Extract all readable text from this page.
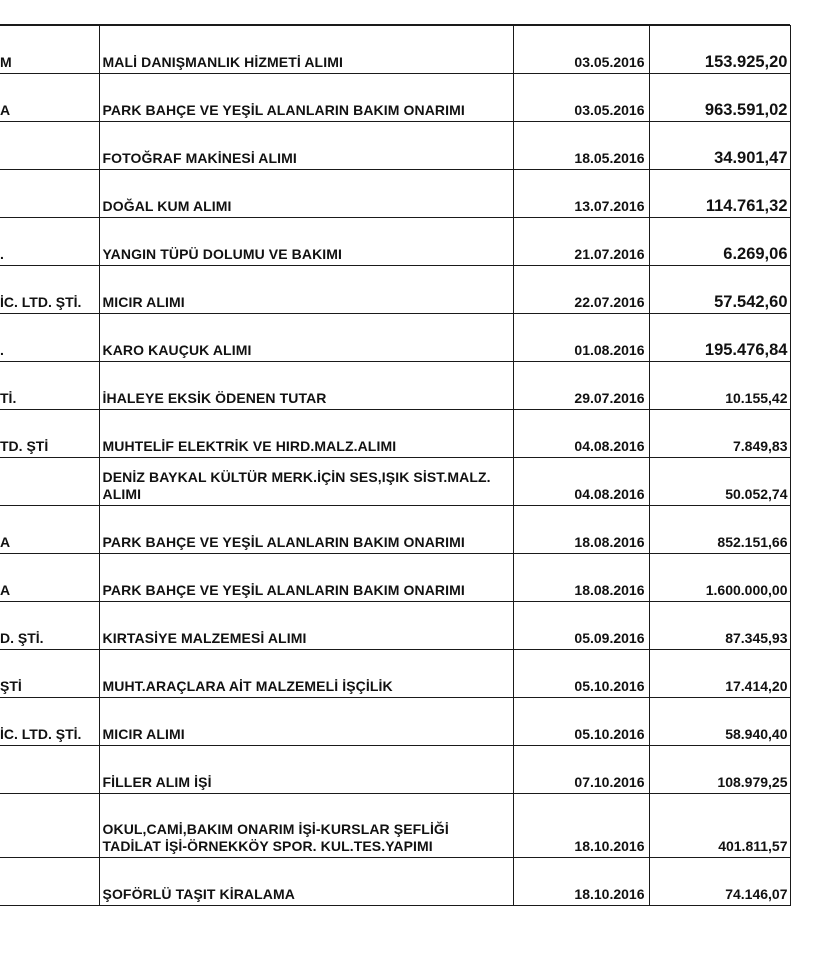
M	MALİ DANIŞMANLIK HİZMETİ ALIMI	03.05.2016	153.925,20
A	PARK BAHÇE VE YEŞİL ALANLARIN BAKIM ONARIMI	03.05.2016	963.591,02
	FOTOĞRAF MAKİNESİ ALIMI	18.05.2016	34.901,47
	DOĞAL KUM ALIMI	13.07.2016	114.761,32
.	YANGIN TÜPÜ DOLUMU VE BAKIMI	21.07.2016	6.269,06
İC. LTD. ŞTİ.	MICIR ALIMI	22.07.2016	57.542,60
.	KARO KAUÇUK ALIMI	01.08.2016	195.476,84
Tİ.	İHALEYE EKSİK ÖDENEN TUTAR	29.07.2016	10.155,42
TD. ŞTİ	MUHTELİF ELEKTRİK VE HIRD.MALZ.ALIMI	04.08.2016	7.849,83
	DENİZ BAYKAL KÜLTÜR MERK.İÇİN SES,IŞIK SİST.MALZ. ALIMI	04.08.2016	50.052,74
A	PARK BAHÇE VE YEŞİL ALANLARIN BAKIM ONARIMI	18.08.2016	852.151,66
A	PARK BAHÇE VE YEŞİL ALANLARIN BAKIM ONARIMI	18.08.2016	1.600.000,00
D. ŞTİ.	KIRTASİYE MALZEMESİ ALIMI	05.09.2016	87.345,93
ŞTİ	MUHT.ARAÇLARA AİT MALZEMELİ İŞÇİLİK	05.10.2016	17.414,20
İC. LTD. ŞTİ.	MICIR ALIMI	05.10.2016	58.940,40
	FİLLER ALIM İŞİ	07.10.2016	108.979,25
	OKUL,CAMİ,BAKIM ONARIM İŞİ-KURSLAR ŞEFLİĞİ TADİLAT İŞİ-ÖRNEKKÖY SPOR. KUL.TES.YAPIMI	18.10.2016	401.811,57
	ŞOFÖRLÜ TAŞIT KİRALAMA	18.10.2016	74.146,07
